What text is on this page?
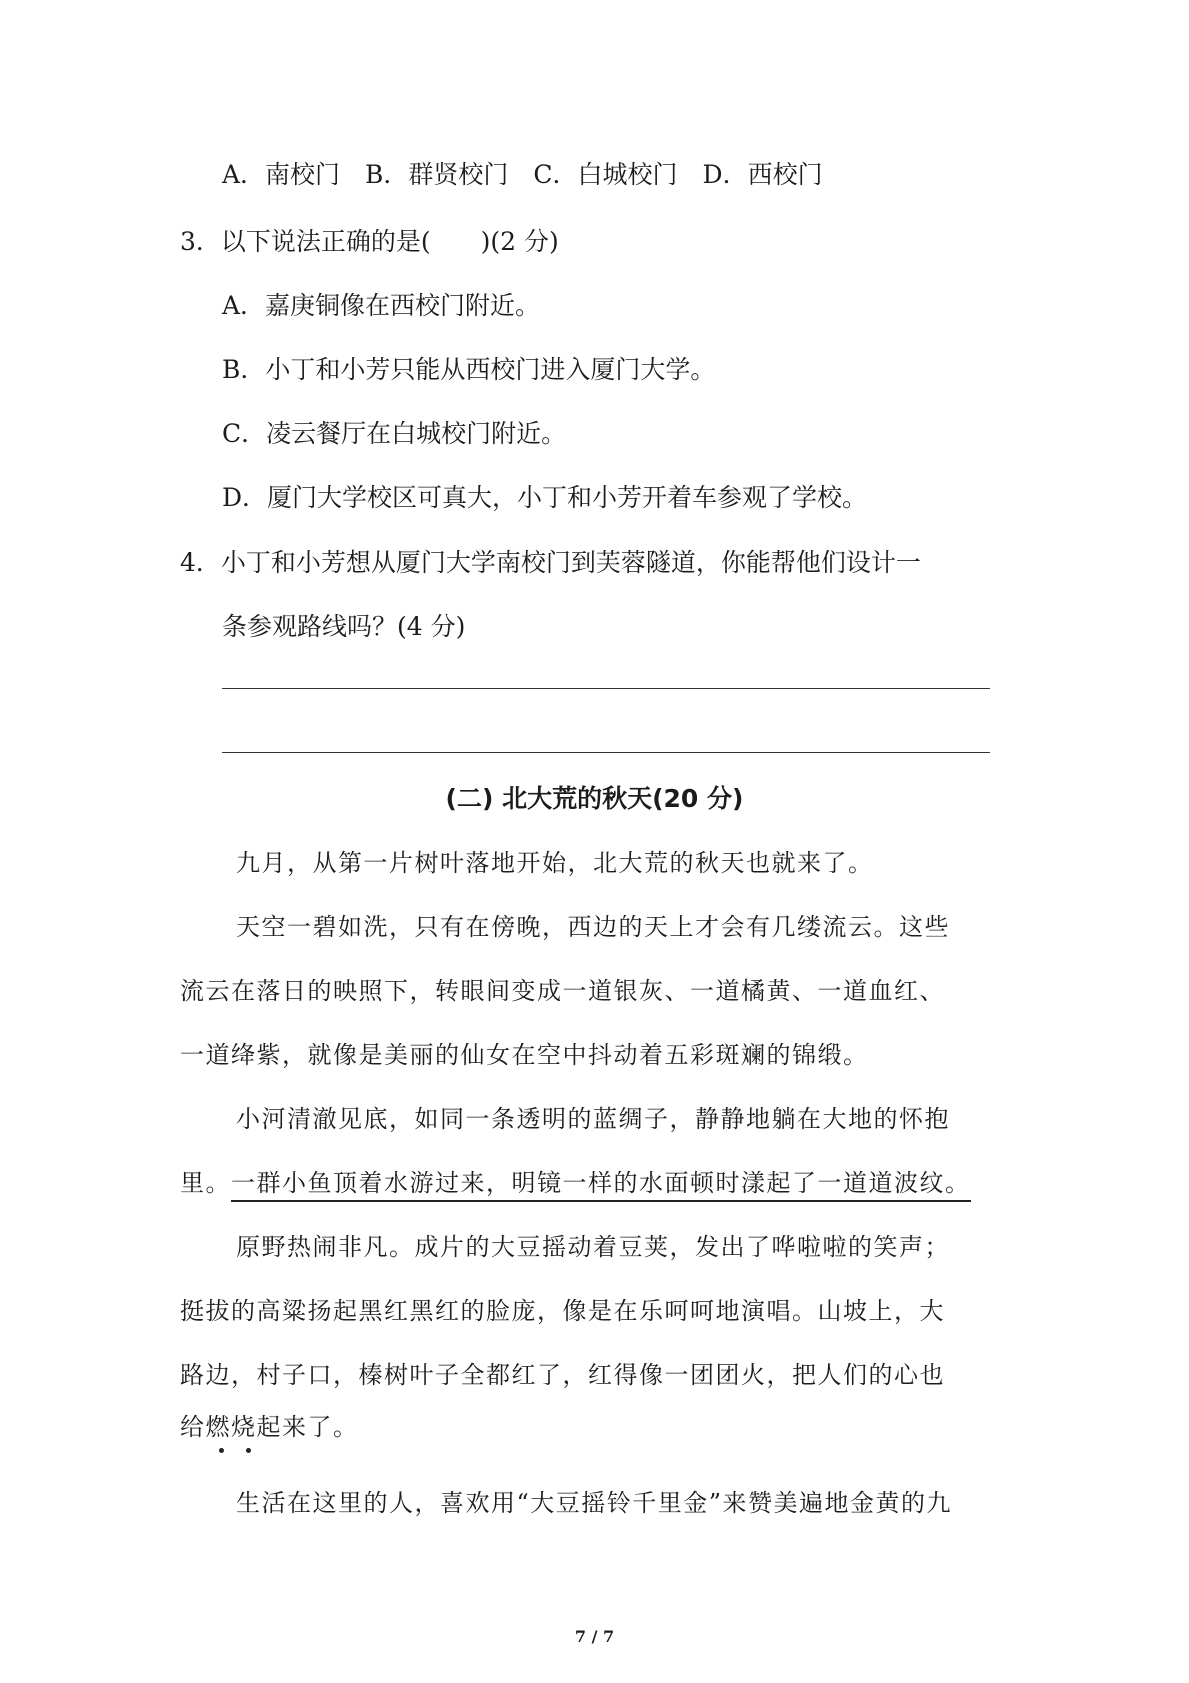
A．南校门　B．群贤校门　C．白城校门　D．西校门
3．以下说法正确的是(　　)(2 分)
A．嘉庚铜像在西校门附近。
B．小丁和小芳只能从西校门进入厦门大学。
C．凌云餐厅在白城校门附近。
D．厦门大学校区可真大，小丁和小芳开着车参观了学校。
4．小丁和小芳想从厦门大学南校门到芙蓉隧道，你能帮他们设计一
条参观路线吗？(4 分)
(二) 北大荒的秋天(20 分)
九月，从第一片树叶落地开始，北大荒的秋天也就来了。
天空一碧如洗，只有在傍晚，西边的天上才会有几缕流云。这些
流云在落日的映照下，转眼间变成一道银灰、一道橘黄、一道血红、
一道绛紫，就像是美丽的仙女在空中抖动着五彩斑斓的锦缎。
小河清澈见底，如同一条透明的蓝绸子，静静地躺在大地的怀抱
里。一群小鱼顶着水游过来，明镜一样的水面顿时漾起了一道道波纹。
原野热闹非凡。成片的大豆摇动着豆荚，发出了哗啦啦的笑声；
挺拔的高粱扬起黑红黑红的脸庞，像是在乐呵呵地演唱。山坡上，大
路边，村子口，榛树叶子全都红了，红得像一团团火，把人们的心也
给燃烧起来了。
生活在这里的人，喜欢用“大豆摇铃千里金”来赞美遍地金黄的九
7 / 7
